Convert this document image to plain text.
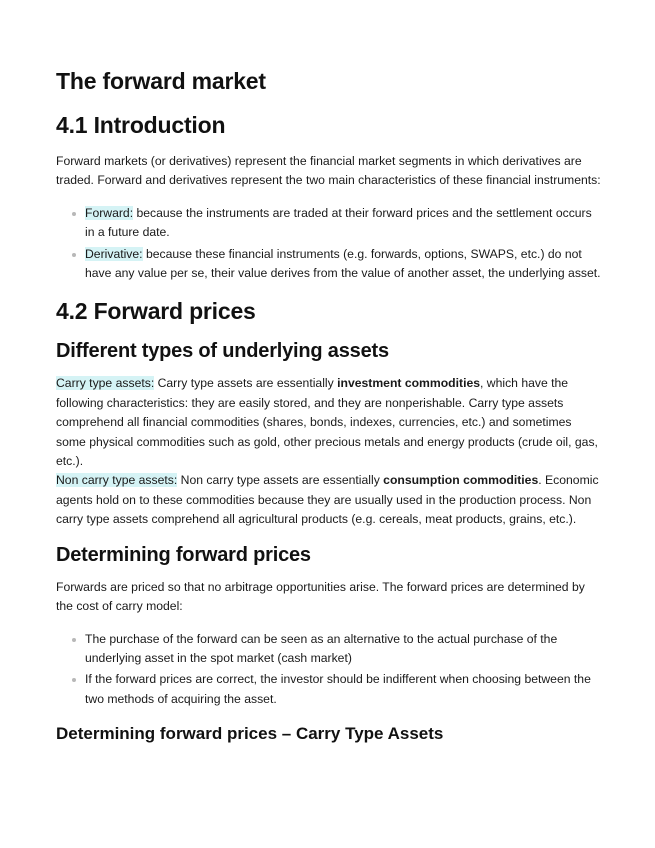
The forward market
4.1 Introduction

Forward markets (or derivatives) represent the financial market segments in which derivatives are traded. Forward and derivatives represent the two main characteristics of these financial instruments:

Forward: because the instruments are traded at their forward prices and the settlement occurs in a future date.
Derivative: because these financial instruments (e.g. forwards, options, SWAPS, etc.) do not have any value per se, their value derives from the value of another asset, the underlying asset.
4.2 Forward prices
Different types of underlying assets

Carry type assets: Carry type assets are essentially investment commodities, which have the following characteristics: they are easily stored, and they are nonperishable. Carry type assets comprehend all financial commodities (shares, bonds, indexes, currencies, etc.) and sometimes some physical commodities such as gold, other precious metals and energy products (crude oil, gas, etc.).

Non carry type assets: Non carry type assets are essentially consumption commodities. Economic agents hold on to these commodities because they are usually used in the production process. Non carry type assets comprehend all agricultural products (e.g. cereals, meat products, grains, etc.).

Determining forward prices

Forwards are priced so that no arbitrage opportunities arise. The forward prices are determined by the cost of carry model:

The purchase of the forward can be seen as an alternative to the actual purchase of the underlying asset in the spot market (cash market)
If the forward prices are correct, the investor should be indifferent when choosing between the two methods of acquiring the asset.
Determining forward prices – Carry Type Assets
